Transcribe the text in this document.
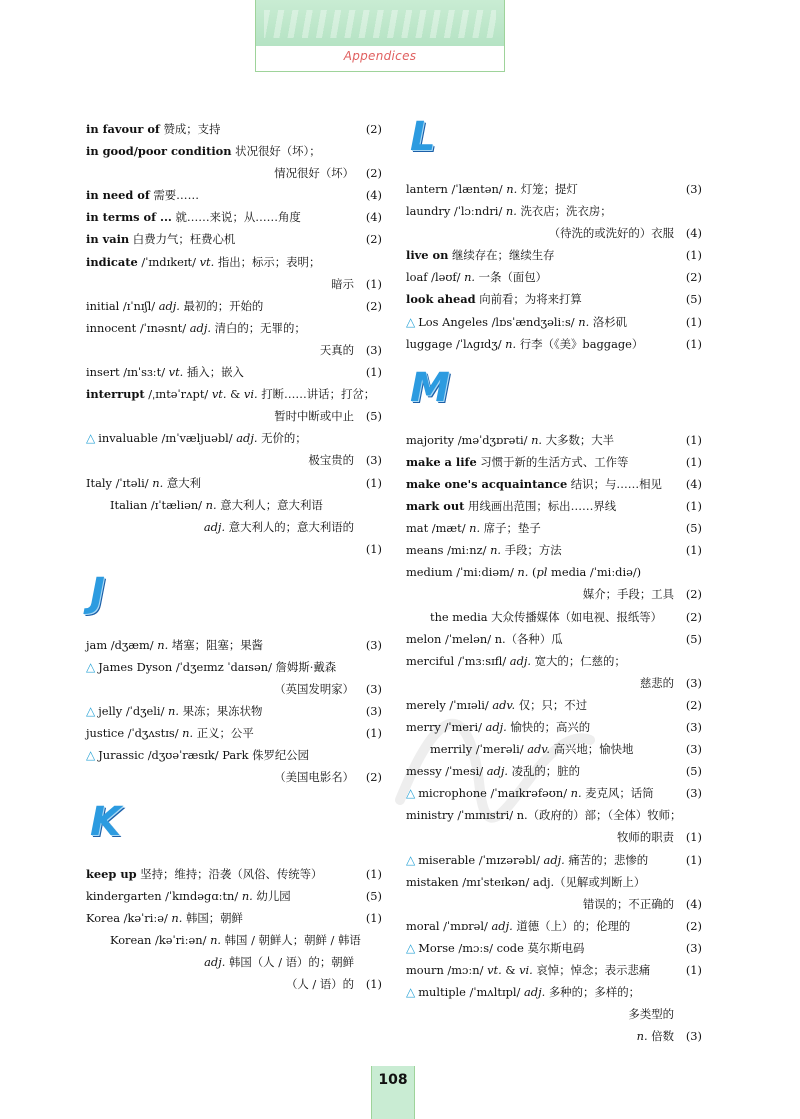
Appendices
in favour of 赞成；支持	(2)
in good/poor condition 状况很好（坏）；
情况很好（坏） (2)
in need of 需要……	(4)
in terms of ... 就……来说；从……角度	(4)
in vain 白费力气；枉费心机	(2)
indicate /ˈɪndɪkeɪt/ vt. 指出；标示；表明；
暗示 (1)
initial /ɪˈnɪʃl/ adj. 最初的；开始的	(2)
innocent /ˈɪnəsnt/ adj. 清白的；无罪的；
天真的 (3)
insert /ɪnˈsɜːt/ vt. 插入；嵌入	(1)
interrupt /ˌɪntəˈrʌpt/ vt. & vi. 打断……讲话；打岔；
暂时中断或中止 (5)
△ invaluable /ɪnˈvæljuəbl/ adj. 无价的；
极宝贵的 (3)
Italy /ˈɪtəli/ n. 意大利	(1)
Italian /ɪˈtæliən/ n. 意大利人；意大利语
adj. 意大利人的；意大利语的
(1)
J
jam /dʒæm/ n. 堵塞；阻塞；果酱	(3)
△ James Dyson /ˈdʒeɪmz ˈdaɪsən/ 詹姆斯·戴森
（英国发明家） (3)
△ jelly /ˈdʒeli/ n. 果冻；果冻状物	(3)
justice /ˈdʒʌstɪs/ n. 正义；公平	(1)
△ Jurassic /dʒʊəˈræsɪk/ Park 侏罗纪公园
（美国电影名） (2)
K
keep up 坚持；维持；沿袭（风俗、传统等）	(1)
kindergarten /ˈkɪndəɡɑːtn/ n. 幼儿园	(5)
Korea /kəˈriːə/ n. 韩国；朝鲜	(1)
Korean /kəˈriːən/ n. 韩国 / 朝鲜人；朝鲜 / 韩语
adj. 韩国（人 / 语）的；朝鲜
（人 / 语）的 (1)
L
lantern /ˈlæntən/ n. 灯笼；提灯	(3)
laundry /ˈlɔːndri/ n. 洗衣店；洗衣房；
（待洗的或洗好的）衣服 (4)
live on 继续存在；继续生存	(1)
loaf /ləʊf/ n. 一条（面包）	(2)
look ahead 向前看；为将来打算	(5)
△ Los Angeles /lɒsˈændʒəliːs/ n. 洛杉矶	(1)
luggage /ˈlʌɡɪdʒ/ n. 行李（《美》baggage）	(1)
M
majority /məˈdʒɒrəti/ n. 大多数；大半	(1)
make a life 习惯于新的生活方式、工作等	(1)
make one's acquaintance 结识；与……相见 (4)
mark out 用线画出范围；标出……界线	(1)
mat /mæt/ n. 席子；垫子	(5)
means /miːnz/ n. 手段；方法	(1)
medium /ˈmiːdiəm/ n. (pl media /ˈmiːdiə/)
媒介；手段；工具 (2)
the media 大众传播媒体（如电视、报纸等） (2)
melon /ˈmelən/ n.（各种）瓜	(5)
merciful /ˈmɜːsɪfl/ adj. 宽大的；仁慈的；
慈悲的 (3)
merely /ˈmɪəli/ adv. 仅；只；不过	(2)
merry /ˈmeri/ adj. 愉快的；高兴的	(3)
merrily /ˈmerəli/ adv. 高兴地；愉快地	(3)
messy /ˈmesi/ adj. 凌乱的；脏的	(5)
△ microphone /ˈmaɪkrəfəʊn/ n. 麦克风；话筒	(3)
ministry /ˈmɪnɪstri/ n.（政府的）部；（全体）牧师；
牧师的职责 (1)
△ miserable /ˈmɪzərəbl/ adj. 痛苦的；悲惨的	(1)
mistaken /mɪˈsteɪkən/ adj.（见解或判断上）
错误的；不正确的 (4)
moral /ˈmɒrəl/ adj. 道德（上）的；伦理的	(2)
△ Morse /mɔːs/ code 莫尔斯电码	(3)
mourn /mɔːn/ vt. & vi. 哀悼；悼念；表示悲痛	(1)
△ multiple /ˈmʌltɪpl/ adj. 多种的；多样的；
多类型的
n. 倍数 (3)
108
